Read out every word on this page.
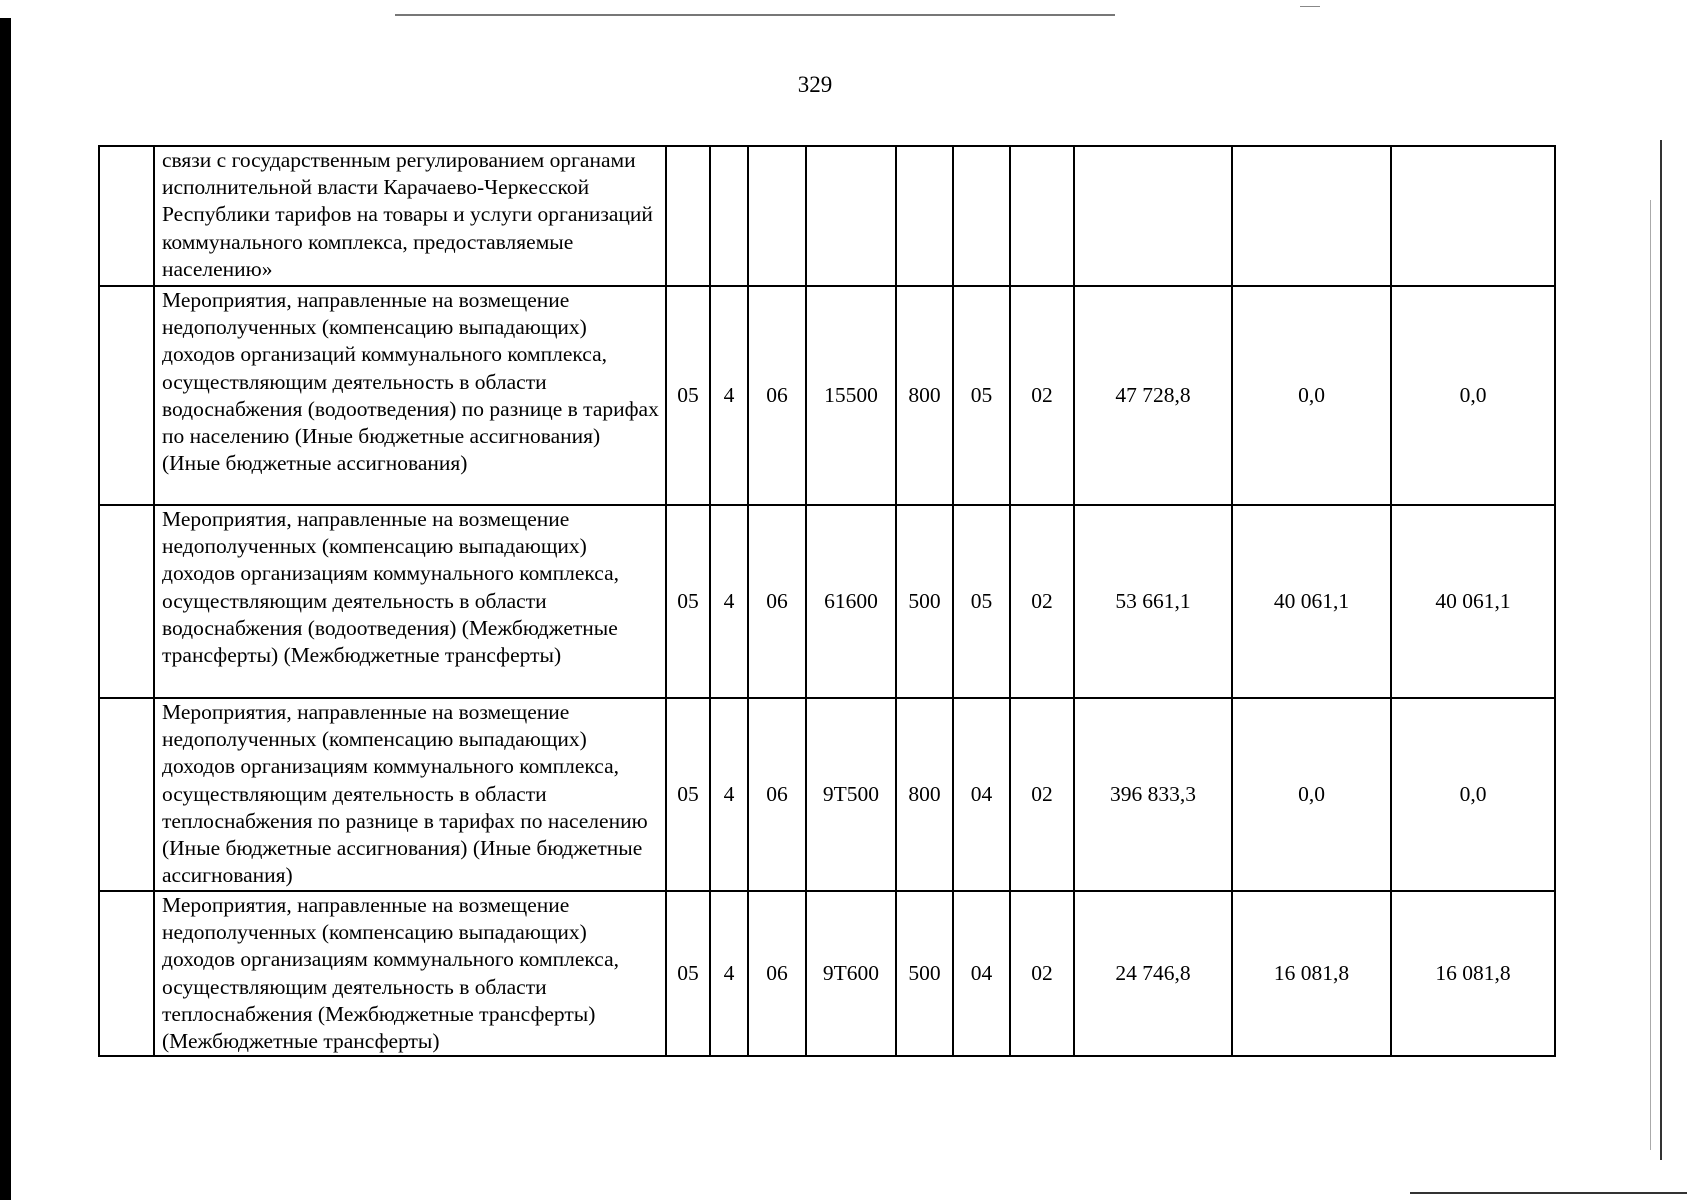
329
	связи с государственным регулированием органами исполнительной власти Карачаево-Черкесской Республики тарифов на товары и услуги организаций коммунального комплекса, предоставляемые населению»										
	Мероприятия, направленные на возмещение недополученных (компенсацию выпадающих) доходов организаций коммунального комплекса, осуществляющим деятельность в области водоснабжения (водоотведения) по разнице в тарифах по населению (Иные бюджетные ассигнования) (Иные бюджетные ассигнования)	05	4	06	15500	800	05	02	47 728,8	0,0	0,0
	Мероприятия, направленные на возмещение недополученных (компенсацию выпадающих) доходов организациям коммунального комплекса, осуществляющим деятельность в области водоснабжения (водоотведения) (Межбюджетные трансферты) (Межбюджетные трансферты)	05	4	06	61600	500	05	02	53 661,1	40 061,1	40 061,1
	Мероприятия, направленные на возмещение недополученных (компенсацию выпадающих) доходов организациям коммунального комплекса, осуществляющим деятельность в области теплоснабжения по разнице в тарифах по населению (Иные бюджетные ассигнования) (Иные бюджетные ассигнования)	05	4	06	9Т500	800	04	02	396 833,3	0,0	0,0
	Мероприятия, направленные на возмещение недополученных (компенсацию выпадающих) доходов организациям коммунального комплекса, осуществляющим деятельность в области теплоснабжения (Межбюджетные трансферты) (Межбюджетные трансферты)	05	4	06	9Т600	500	04	02	24 746,8	16 081,8	16 081,8
